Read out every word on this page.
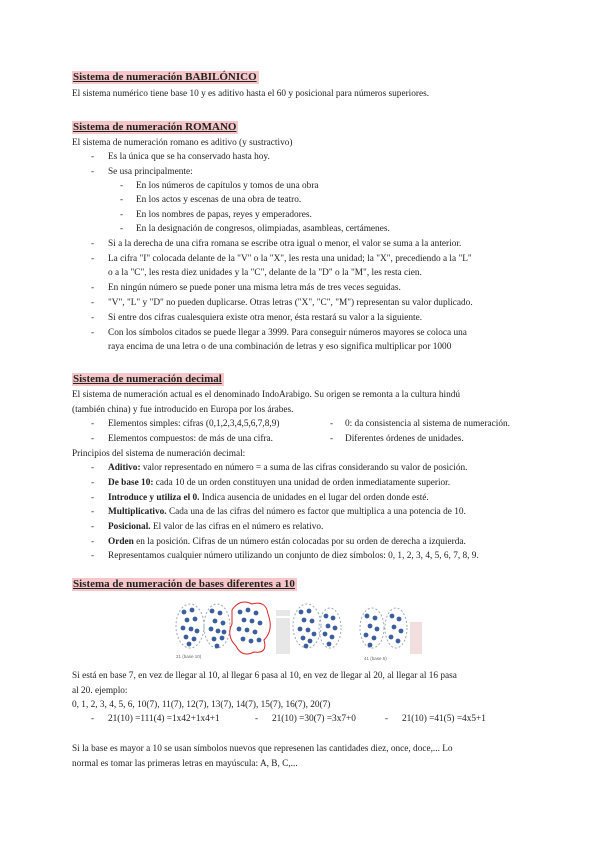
Sistema de numeración BABILÓNICO
El sistema numérico tiene base 10 y es aditivo hasta el 60 y posicional para números superiores.
Sistema de numeración ROMANO
El sistema de numeración romano es aditivo (y sustractivo)
- Es la única que se ha conservado hasta hoy.
- Se usa principalmente:
- En los números de capítulos y tomos de una obra
- En los actos y escenas de una obra de teatro.
- En los nombres de papas, reyes y emperadores.
- En la designación de congresos, olimpiadas, asambleas, certámenes.
- Si a la derecha de una cifra romana se escribe otra igual o menor, el valor se suma a la anterior.
- La cifra "I" colocada delante de la "V" o la "X", les resta una unidad; la "X", precediendo a la "L"
o a la "C", les resta diez unidades y la "C", delante de la "D" o la "M", les resta cien.
- En ningún número se puede poner una misma letra más de tres veces seguidas.
- "V", "L" y "D" no pueden duplicarse. Otras letras ("X", "C", "M") representan su valor duplicado.
- Si entre dos cifras cualesquiera existe otra menor, ésta restará su valor a la siguiente.
- Con los símbolos citados se puede llegar a 3999. Para conseguir números mayores se coloca una
raya encima de una letra o de una combinación de letras y eso significa multiplicar por 1000
Sistema de numeración decimal
El sistema de numeración actual es el denominado IndoArabigo. Su origen se remonta a la cultura hindú
(también china) y fue introducido en Europa por los árabes.
- Elementos simples: cifras (0,1,2,3,4,5,6,7,8,9)	- 0: da consistencia al sistema de numeración.
- Elementos compuestos: de más de una cifra.	- Diferentes órdenes de unidades.
Principios del sistema de numeración decimal:
- Aditivo: valor representado en número = a suma de las cifras considerando su valor de posición.
- De base 10: cada 10 de un orden constituyen una unidad de orden inmediatamente superior.
- Introduce y utiliza el 0. Indica ausencia de unidades en el lugar del orden donde esté.
- Multiplicativo. Cada una de las cifras del número es factor que multiplica a una potencia de 10.
- Posicional. El valor de las cifras en el número es relativo.
- Orden en la posición. Cifras de un número están colocadas por su orden de derecha a izquierda.
- Representamos cualquier número utilizando un conjunto de diez símbolos: 0, 1, 2, 3, 4, 5, 6, 7, 8, 9.
Sistema de numeración de bases diferentes a 10
21 (base 10)	41 (base 5)
Si está en base 7, en vez de llegar al 10, al llegar 6 pasa al 10, en vez de llegar al 20, al llegar al 16 pasa
al 20. ejemplo:
0, 1, 2, 3, 4, 5, 6, 10(7), 11(7), 12(7), 13(7), 14(7), 15(7), 16(7), 20(7)
- 21(10) =111(4) =1x42+1x4+1	- 21(10) =30(7) =3x7+0	- 21(10) =41(5) =4x5+1
Si la base es mayor a 10 se usan símbolos nuevos que represenen las cantidades diez, once, doce,... Lo
normal es tomar las primeras letras en mayúscula: A, B, C,...
